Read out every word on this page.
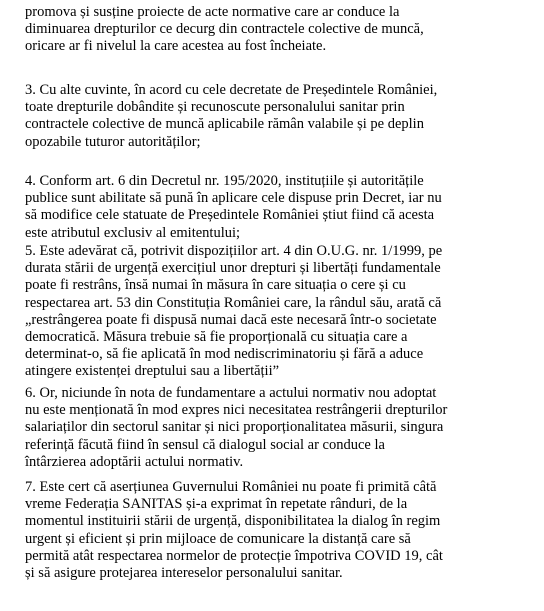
promova și susține proiecte de acte normative care ar conduce la
diminuarea drepturilor ce decurg din contractele colective de muncă,
oricare ar fi nivelul la care acestea au fost încheiate.
3. Cu alte cuvinte, în acord cu cele decretate de Președintele României,
toate drepturile dobândite și recunoscute personalului sanitar prin
contractele colective de muncă aplicabile rămân valabile și pe deplin
opozabile tuturor autorităților;
4. Conform art. 6 din Decretul nr. 195/2020, instituțiile și autoritățile
publice sunt abilitate să pună în aplicare cele dispuse prin Decret, iar nu
să modifice cele statuate de Președintele României știut fiind că acesta
este atributul exclusiv al emitentului;
5. Este adevărat că, potrivit dispozițiilor art. 4 din O.U.G. nr. 1/1999, pe
durata stării de urgență exercițiul unor drepturi și libertăți fundamentale
poate fi restrâns, însă numai în măsura în care situația o cere și cu
respectarea art. 53 din Constituția României care, la rândul său, arată că
„restrângerea poate fi dispusă numai dacă este necesară într-o societate
democratică. Măsura trebuie să fie proporțională cu situația care a
determinat-o, să fie aplicată în mod nediscriminatoriu și fără a aduce
atingere existenței dreptului sau a libertății”
6. Or, niciunde în nota de fundamentare a actului normativ nou adoptat
nu este menționată în mod expres nici necesitatea restrângerii drepturilor
salariaților din sectorul sanitar și nici proporționalitatea măsurii, singura
referință făcută fiind în sensul că dialogul social ar conduce la
întârzierea adoptării actului normativ.
7. Este cert că aserțiunea Guvernului României nu poate fi primită câtă
vreme Federația SANITAS și-a exprimat în repetate rânduri, de la
momentul instituirii stării de urgență, disponibilitatea la dialog în regim
urgent și eficient și prin mijloace de comunicare la distanță care să
permită atât respectarea normelor de protecție împotriva COVID 19, cât
și să asigure protejarea intereselor personalului sanitar.
